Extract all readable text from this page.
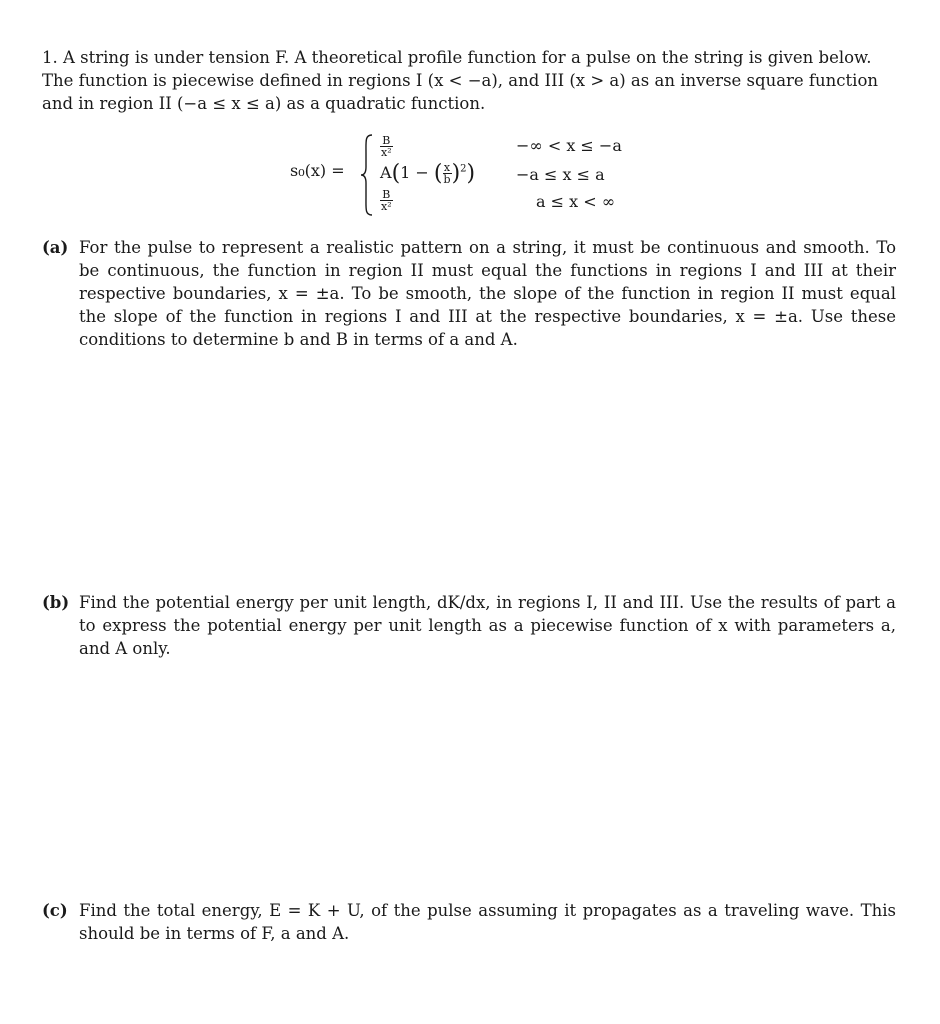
1. A string is under tension F. A theoretical profile function for a pulse on the string is given below.
The function is piecewise defined in regions I (x < −a), and III (x > a) as an inverse square function
and in region II (−a ≤ x ≤ a) as a quadratic function.
s₀(x) =
$\frac{B}{\text{x²}}$	−∞ < x ≤ −a
A(1 − ( $\frac{x}{b} )^2$)	−a ≤ x ≤ a
$\frac{B}{\text{x²}}$	a ≤ x < ∞
(a) For the pulse to represent a realistic pattern on a string, it must be continuous and smooth. To be continuous, the function in region II must equal the functions in regions I and III at their respective boundaries, x = ±a. To be smooth, the slope of the function in region II must equal the slope of the function in regions I and III at the respective boundaries, x = ±a. Use these conditions to determine b and B in terms of a and A.
(b) Find the potential energy per unit length, dK/dx, in regions I, II and III. Use the results of part a to express the potential energy per unit length as a piecewise function of x with parameters a, and A only.
(c) Find the total energy, E = K + U, of the pulse assuming it propagates as a traveling wave. This should be in terms of F, a and A.
